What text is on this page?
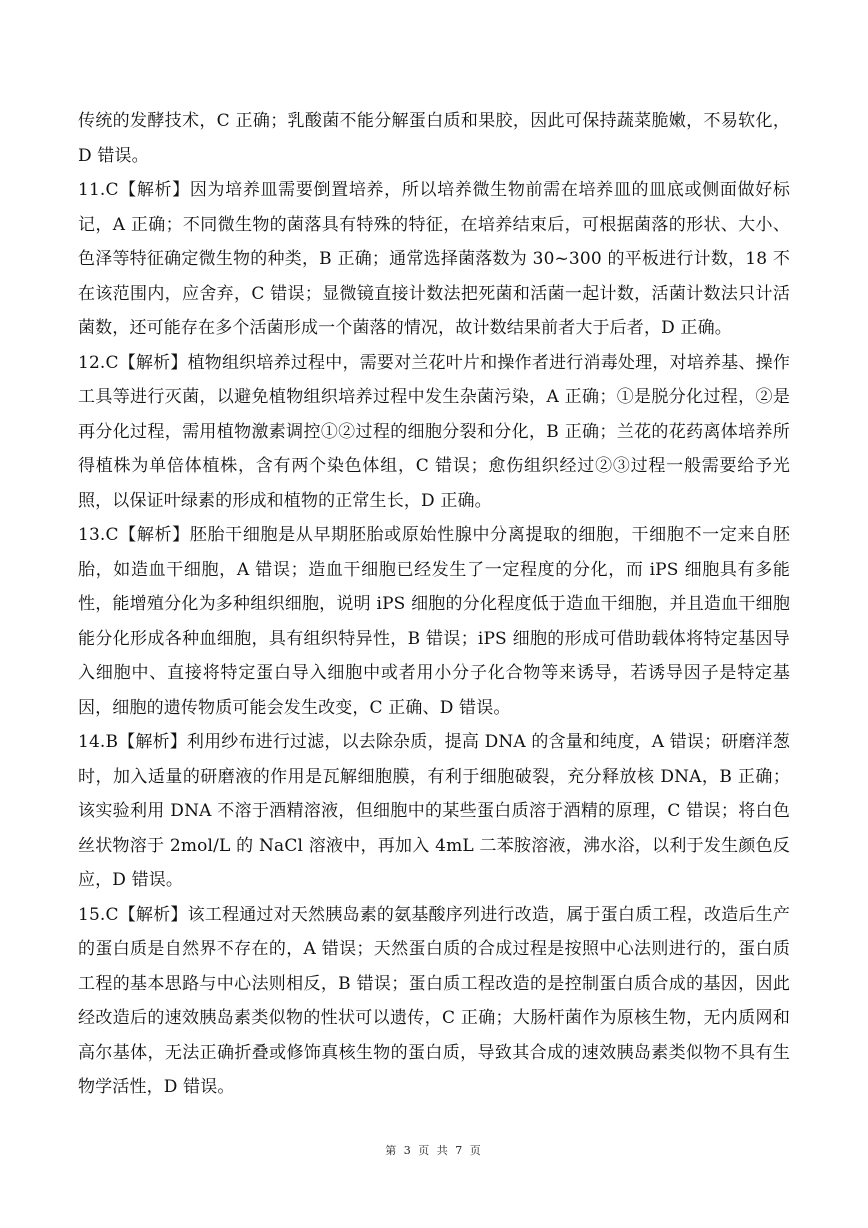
传统的发酵技术，C 正确；乳酸菌不能分解蛋白质和果胶，因此可保持蔬菜脆嫩，不易软化，D 错误。

11.C【解析】因为培养皿需要倒置培养，所以培养微生物前需在培养皿的皿底或侧面做好标记，A 正确；不同微生物的菌落具有特殊的特征，在培养结束后，可根据菌落的形状、大小、色泽等特征确定微生物的种类，B 正确；通常选择菌落数为 30~300 的平板进行计数，18 不在该范围内，应舍弃，C 错误；显微镜直接计数法把死菌和活菌一起计数，活菌计数法只计活菌数，还可能存在多个活菌形成一个菌落的情况，故计数结果前者大于后者，D 正确。

12.C【解析】植物组织培养过程中，需要对兰花叶片和操作者进行消毒处理，对培养基、操作工具等进行灭菌，以避免植物组织培养过程中发生杂菌污染，A 正确；①是脱分化过程，②是再分化过程，需用植物激素调控①②过程的细胞分裂和分化，B 正确；兰花的花药离体培养所得植株为单倍体植株，含有两个染色体组，C 错误；愈伤组织经过②③过程一般需要给予光照，以保证叶绿素的形成和植物的正常生长，D 正确。

13.C【解析】胚胎干细胞是从早期胚胎或原始性腺中分离提取的细胞，干细胞不一定来自胚胎，如造血干细胞，A 错误；造血干细胞已经发生了一定程度的分化，而 iPS 细胞具有多能性，能增殖分化为多种组织细胞，说明 iPS 细胞的分化程度低于造血干细胞，并且造血干细胞能分化形成各种血细胞，具有组织特异性，B 错误；iPS 细胞的形成可借助载体将特定基因导入细胞中、直接将特定蛋白导入细胞中或者用小分子化合物等来诱导，若诱导因子是特定基因，细胞的遗传物质可能会发生改变，C 正确、D 错误。

14.B【解析】利用纱布进行过滤，以去除杂质，提高 DNA 的含量和纯度，A 错误；研磨洋葱时，加入适量的研磨液的作用是瓦解细胞膜，有利于细胞破裂，充分释放核 DNA，B 正确；该实验利用 DNA 不溶于酒精溶液，但细胞中的某些蛋白质溶于酒精的原理，C 错误；将白色丝状物溶于 2mol/L 的 NaCl 溶液中，再加入 4mL 二苯胺溶液，沸水浴，以利于发生颜色反应，D 错误。

15.C【解析】该工程通过对天然胰岛素的氨基酸序列进行改造，属于蛋白质工程，改造后生产的蛋白质是自然界不存在的，A 错误；天然蛋白质的合成过程是按照中心法则进行的，蛋白质工程的基本思路与中心法则相反，B 错误；蛋白质工程改造的是控制蛋白质合成的基因，因此经改造后的速效胰岛素类似物的性状可以遗传，C 正确；大肠杆菌作为原核生物，无内质网和高尔基体，无法正确折叠或修饰真核生物的蛋白质，导致其合成的速效胰岛素类似物不具有生物学活性，D 错误。

第 3 页 共 7 页
